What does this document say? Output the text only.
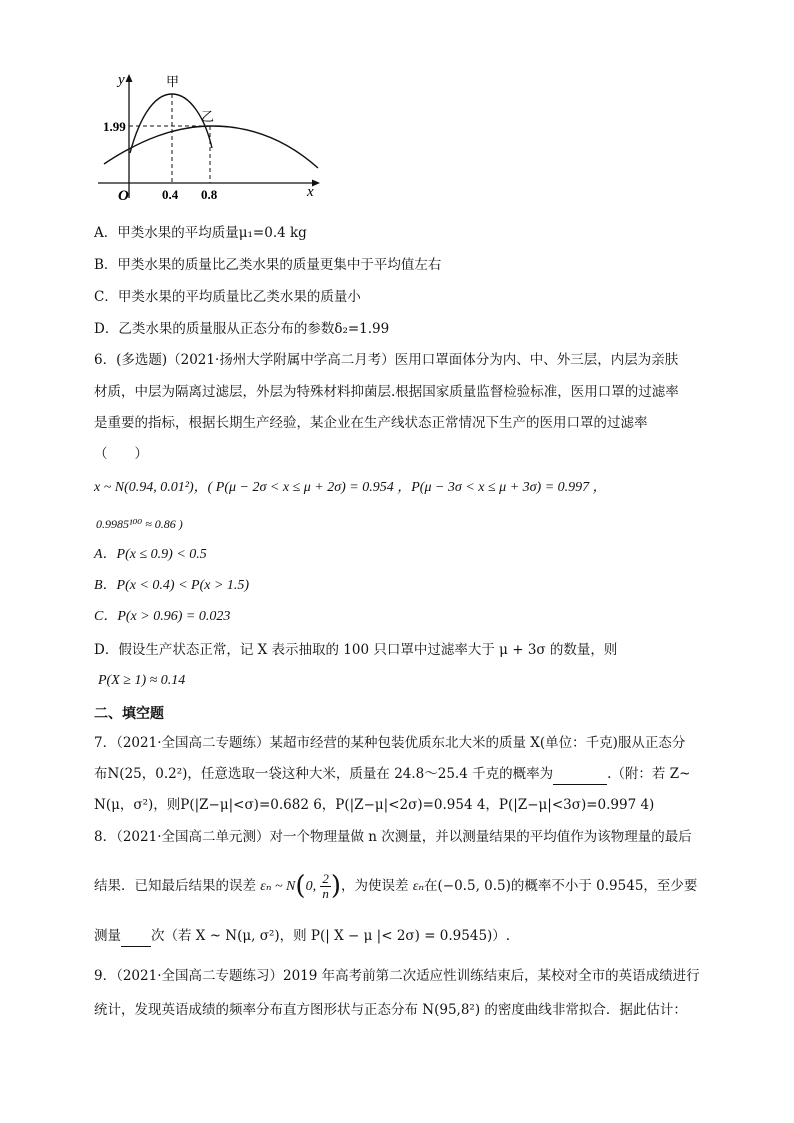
y
x
O
1.99
0.4 0.8
甲
乙
A．甲类水果的平均质量μ₁=0.4 kg
B．甲类水果的质量比乙类水果的质量更集中于平均值左右
C．甲类水果的平均质量比乙类水果的质量小
D．乙类水果的质量服从正态分布的参数δ₂=1.99
6．(多选题)（2021·扬州大学附属中学高二月考）医用口罩面体分为内、中、外三层，内层为亲肤
材质，中层为隔离过滤层，外层为特殊材料抑菌层.根据国家质量监督检验标准，医用口罩的过滤率
是重要的指标，根据长期生产经验，某企业在生产线状态正常情况下生产的医用口罩的过滤率
（　　）
x ~ N(0.94, 0.01²)，( P(μ − 2σ < x ≤ μ + 2σ) = 0.954 ，P(μ − 3σ < x ≤ μ + 3σ) = 0.997 ，
0.9985¹⁰⁰ ≈ 0.86 )
A．P(x ≤ 0.9) < 0.5
B．P(x < 0.4) < P(x > 1.5)
C．P(x > 0.96) = 0.023
D．假设生产状态正常，记 X 表示抽取的 100 只口罩中过滤率大于 μ + 3σ 的数量，则
P(X ≥ 1) ≈ 0.14
二、填空题
7．（2021·全国高二专题练）某超市经营的某种包装优质东北大米的质量 X(单位：千克)服从正态分
布N(25，0.2²)，任意选取一袋这种大米，质量在 24.8～25.4 千克的概率为	.（附：若 Z~
N(μ，σ²)，则P(|Z−μ|<σ)=0.682 6，P(|Z−μ|<2σ)=0.954 4，P(|Z−μ|<3σ)=0.997 4)
8．（2021·全国高二单元测）对一个物理量做 n 次测量，并以测量结果的平均值作为该物理量的最后
结果．已知最后结果的误差 εₙ ~ N(0, $\frac{2}{n}$ )，为使误差 εₙ在(−0.5, 0.5)的概率不小于 0.9545，至少要
测量 次（若 X ~ N(μ, σ²)，则 P(| X − μ |< 2σ) = 0.9545)）.
9．（2021·全国高二专题练习）2019 年高考前第二次适应性训练结束后，某校对全市的英语成绩进行
统计，发现英语成绩的频率分布直方图形状与正态分布 N(95,8²) 的密度曲线非常拟合．据此估计：
